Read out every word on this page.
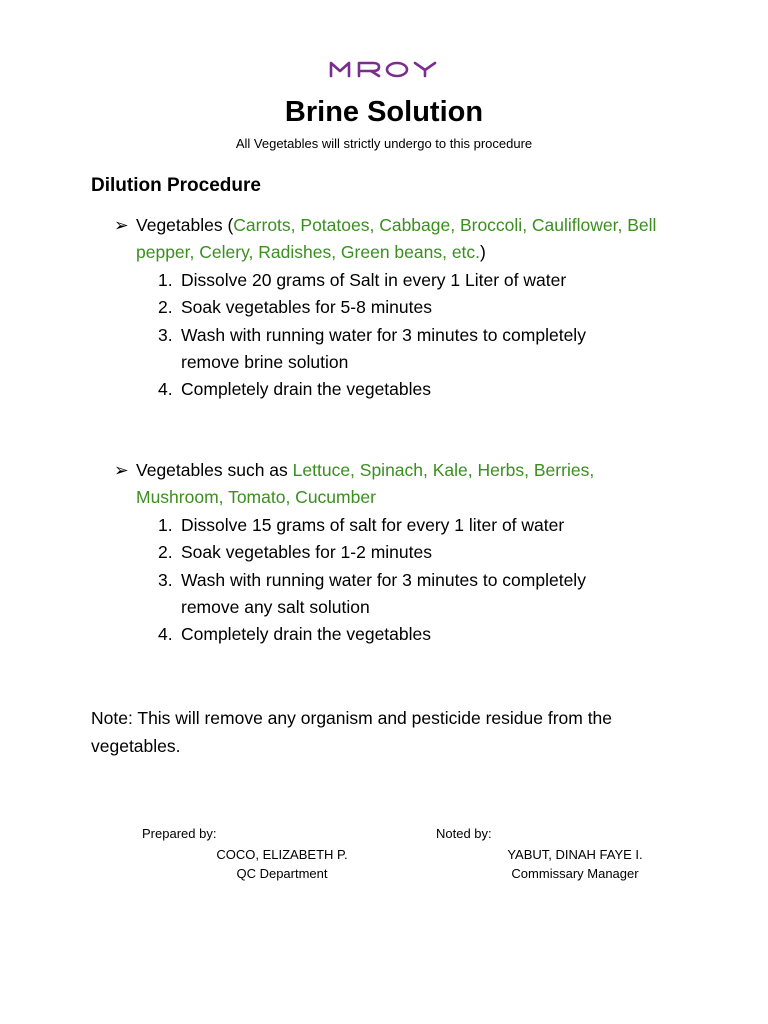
Brine Solution
All Vegetables will strictly undergo to this procedure
Dilution Procedure
➢ Vegetables (Carrots, Potatoes, Cabbage, Broccoli, Cauliflower, Bell pepper, Celery, Radishes, Green beans, etc.)
1. Dissolve 20 grams of Salt in every 1 Liter of water
2. Soak vegetables for 5-8 minutes
3. Wash with running water for 3 minutes to completely remove brine solution
4. Completely drain the vegetables
➢ Vegetables such as Lettuce, Spinach, Kale, Herbs, Berries, Mushroom, Tomato, Cucumber
1. Dissolve 15 grams of salt for every 1 liter of water
2. Soak vegetables for 1-2 minutes
3. Wash with running water for 3 minutes to completely remove any salt solution
4. Completely drain the vegetables
Note: This will remove any organism and pesticide residue from the vegetables.
Prepared by:
COCO, ELIZABETH P.
QC Department
Noted by:
YABUT, DINAH FAYE I.
Commissary Manager
